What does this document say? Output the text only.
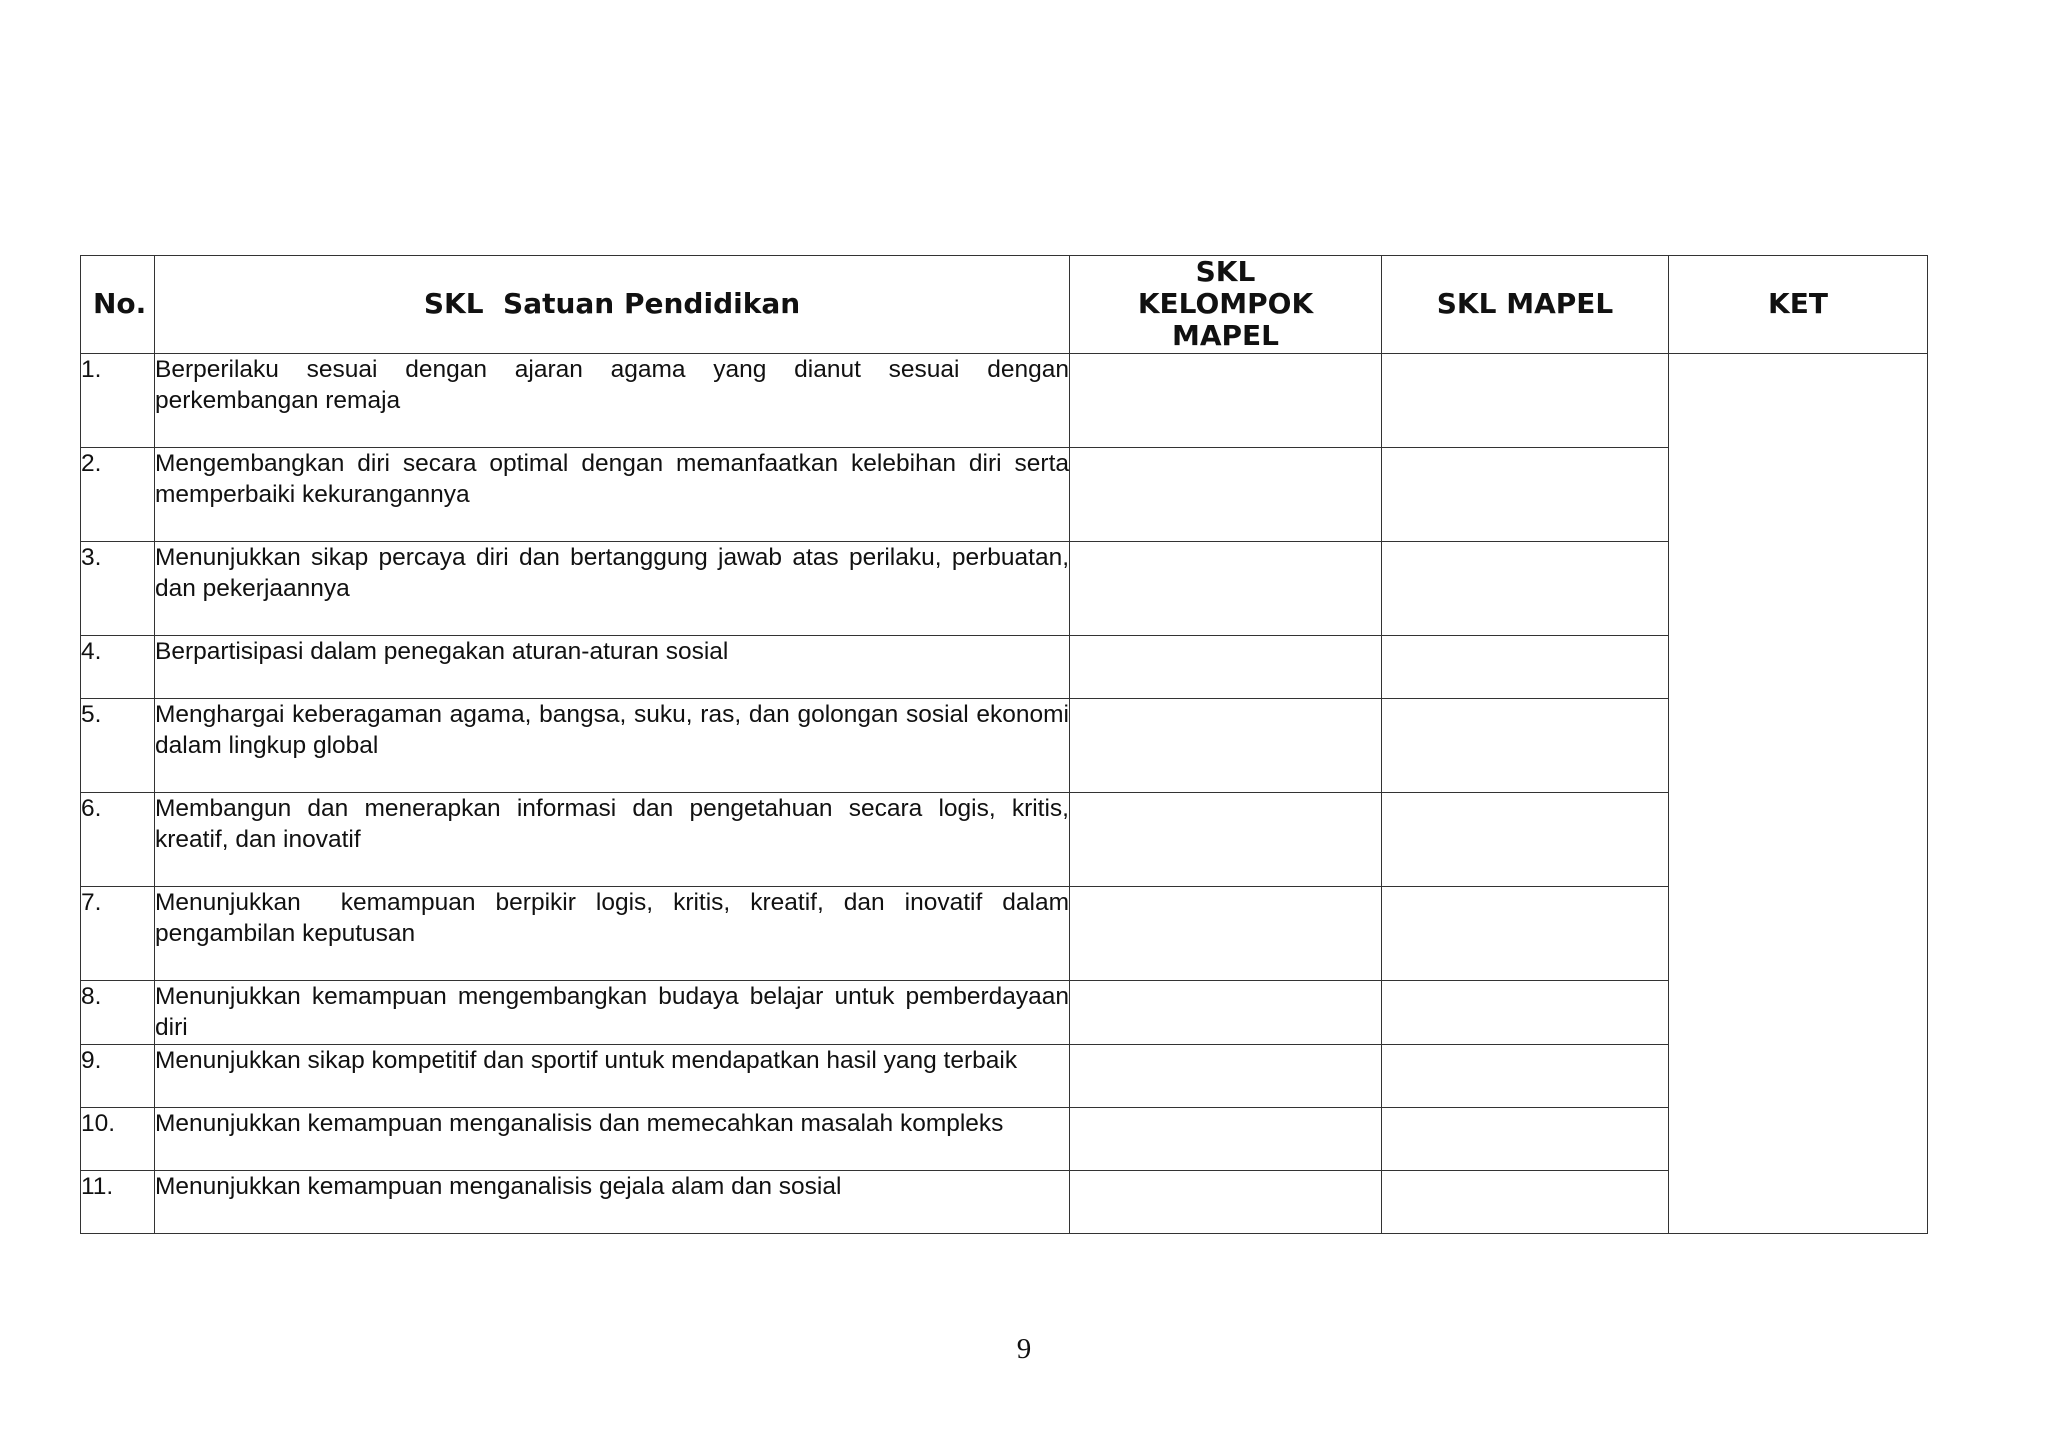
No.	SKL  Satuan Pendidikan	SKL KELOMPOK MAPEL	SKL MAPEL	KET
1.	Berperilaku sesuai dengan ajaran agama yang dianut sesuai dengan perkembangan remaja			
2.	Mengembangkan diri secara optimal dengan memanfaatkan kelebihan diri serta memperbaiki kekurangannya			
3.	Menunjukkan sikap percaya diri dan bertanggung jawab atas perilaku, perbuatan, dan pekerjaannya			
4.	Berpartisipasi dalam penegakan aturan-aturan sosial			
5.	Menghargai keberagaman agama, bangsa, suku, ras, dan golongan sosial ekonomi dalam lingkup global			
6.	Membangun dan menerapkan informasi dan pengetahuan secara logis, kritis, kreatif, dan inovatif			
7.	Menunjukkan  kemampuan berpikir logis, kritis, kreatif, dan inovatif dalam pengambilan keputusan			
8.	Menunjukkan kemampuan mengembangkan budaya belajar untuk pemberdayaan diri			
9.	Menunjukkan sikap kompetitif dan sportif untuk mendapatkan hasil yang terbaik			
10.	Menunjukkan kemampuan menganalisis dan memecahkan masalah kompleks			
11.	Menunjukkan kemampuan menganalisis gejala alam dan sosial			
9
